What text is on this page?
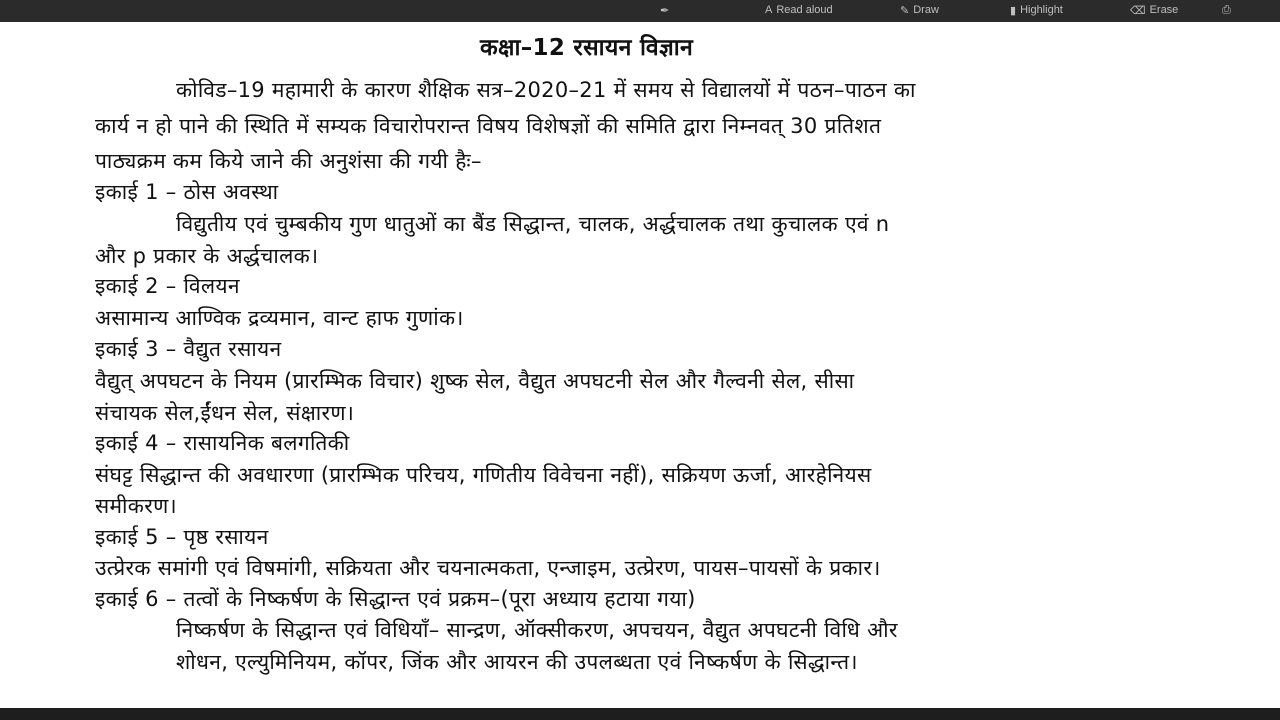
✒	A Read aloud	✎ Draw	▮ Highlight	⌫ Erase	⎙
कक्षा–12 रसायन विज्ञान
कोविड–19 महामारी के कारण शैक्षिक सत्र–2020–21 में समय से विद्यालयों में पठन–पाठन का
कार्य न हो पाने की स्थिति में सम्यक विचारोपरान्त विषय विशेषज्ञों की समिति द्वारा निम्नवत् 30 प्रतिशत
पाठ्यक्रम कम किये जाने की अनुशंसा की गयी हैः–
इकाई 1 – ठोस अवस्था
विद्युतीय एवं चुम्बकीय गुण धातुओं का बैंड सिद्धान्त, चालक, अर्द्धचालक तथा कुचालक एवं n
और p प्रकार के अर्द्धचालक।
इकाई 2 – विलयन
असामान्य आण्विक द्रव्यमान, वान्ट हाफ गुणांक।
इकाई 3 – वैद्युत रसायन
वैद्युत् अपघटन के नियम (प्रारम्भिक विचार) शुष्क सेल, वैद्युत अपघटनी सेल और गैल्वनी सेल, सीसा
संचायक सेल,ईंधन सेल, संक्षारण।
इकाई 4 – रासायनिक बलगतिकी
संघट्ट सिद्धान्त की अवधारणा (प्रारम्भिक परिचय, गणितीय विवेचना नहीं), सक्रियण ऊर्जा, आरहेनियस
समीकरण।
इकाई 5 – पृष्ठ रसायन
उत्प्रेरक समांगी एवं विषमांगी, सक्रियता और चयनात्मकता, एन्जाइम, उत्प्रेरण, पायस–पायसों के प्रकार।
इकाई 6 – तत्वों के निष्कर्षण के सिद्धान्त एवं प्रक्रम–(पूरा अध्याय हटाया गया)
निष्कर्षण के सिद्धान्त एवं विधियाँ– सान्द्रण, ऑक्सीकरण, अपचयन, वैद्युत अपघटनी विधि और
शोधन, एल्युमिनियम, कॉपर, जिंक और आयरन की उपलब्धता एवं निष्कर्षण के सिद्धान्त।
